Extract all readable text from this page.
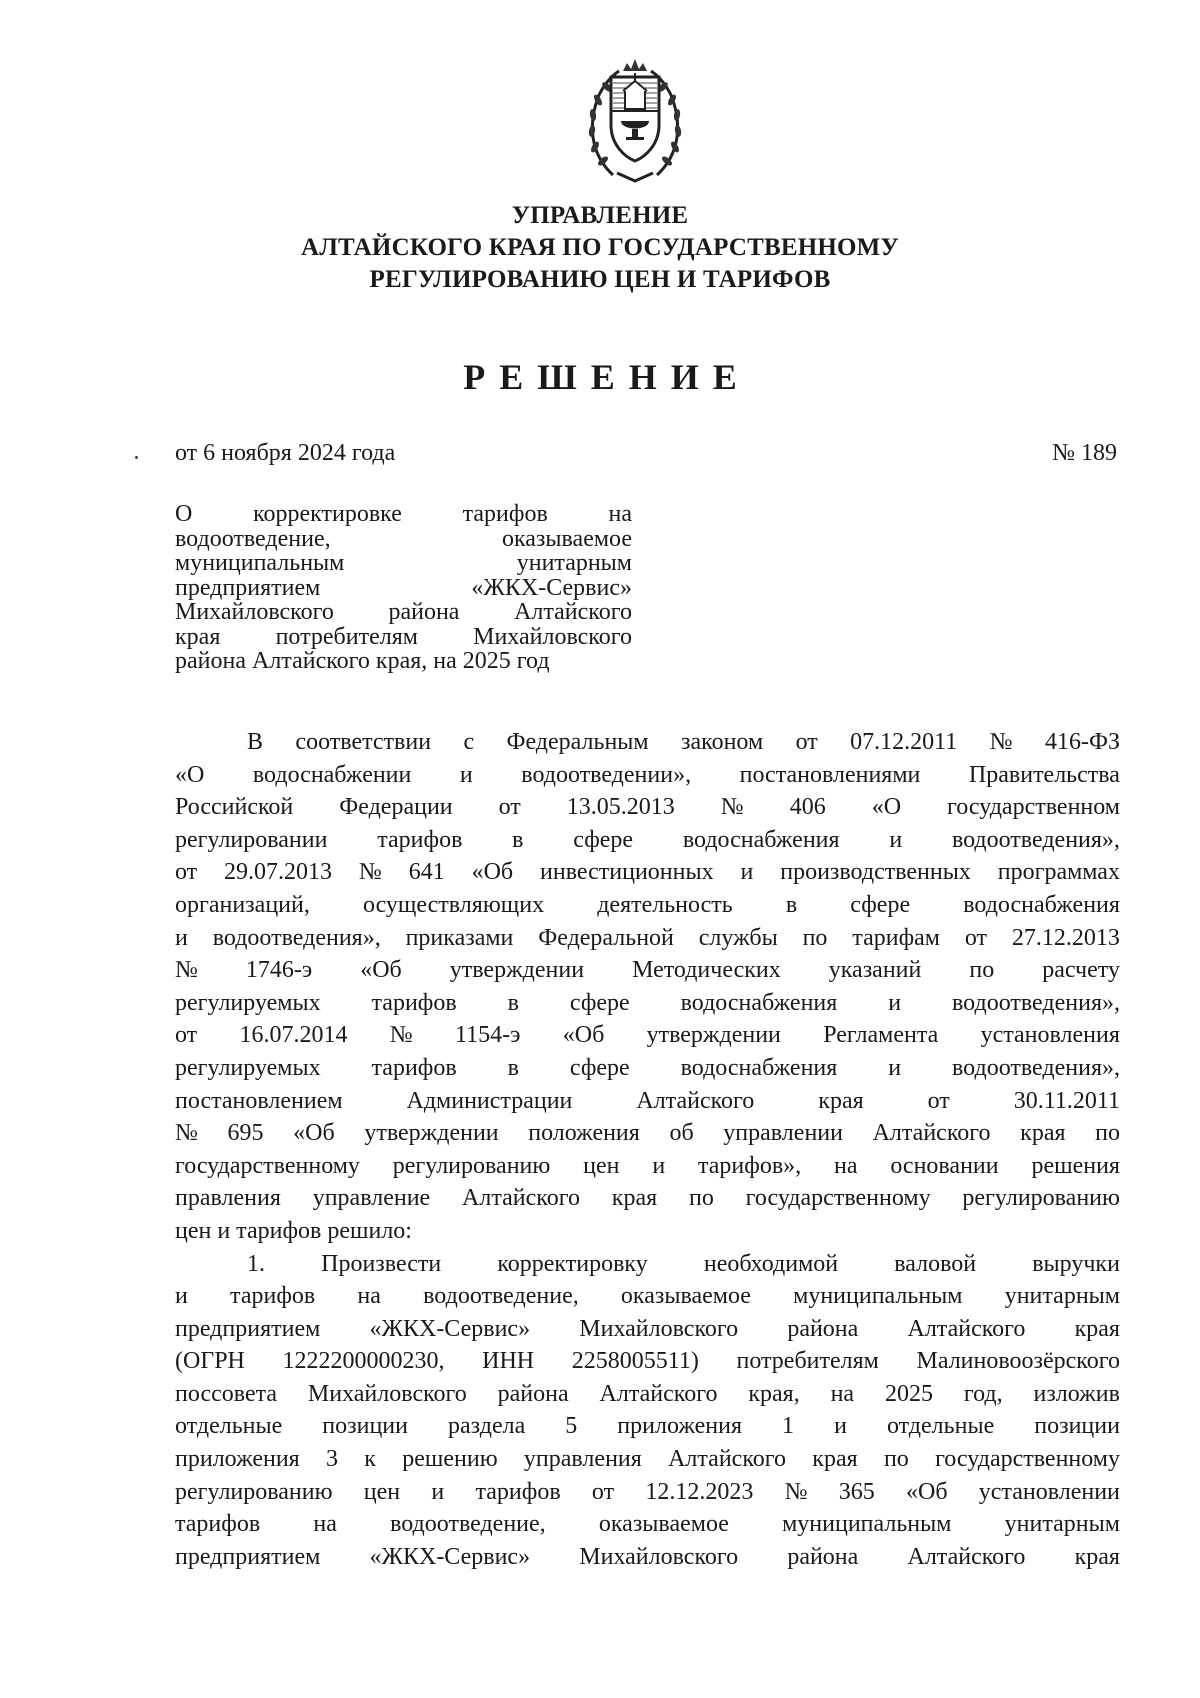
УПРАВЛЕНИЕ
АЛТАЙСКОГО КРАЯ ПО ГОСУДАРСТВЕННОМУ
РЕГУЛИРОВАНИЮ ЦЕН И ТАРИФОВ
РЕШЕНИЕ
от 6 ноября 2024 года	№ 189
О	корректировке	тарифов	на
водоотведение,	оказываемое
муниципальным	унитарным
предприятием	«ЖКХ-Сервис»
Михайловского района Алтайского
края потребителям Михайловского
района Алтайского края, на 2025 год
В соответствии с Федеральным законом от 07.12.2011 № 416-ФЗ
«О водоснабжении и водоотведении», постановлениями Правительства
Российской Федерации от 13.05.2013 № 406 «О государственном
регулировании тарифов в сфере водоснабжения и водоотведения»,
от 29.07.2013 № 641 «Об инвестиционных и производственных программах
организаций, осуществляющих деятельность в сфере водоснабжения
и водоотведения», приказами Федеральной службы по тарифам от 27.12.2013
№ 1746-э «Об утверждении Методических указаний по расчету
регулируемых тарифов в сфере водоснабжения и водоотведения»,
от 16.07.2014 № 1154-э «Об утверждении Регламента установления
регулируемых тарифов в сфере водоснабжения и водоотведения»,
постановлением	Администрации	Алтайского	края	от	30.11.2011
№ 695 «Об утверждении положения об управлении Алтайского края по
государственному регулированию цен и тарифов», на основании решения
правления управление Алтайского края по государственному регулированию
цен и тарифов решило:
1. Произвести корректировку необходимой валовой выручки
и тарифов на водоотведение, оказываемое муниципальным унитарным
предприятием «ЖКХ-Сервис» Михайловского района Алтайского края
(ОГРН 1222200000230, ИНН 2258005511) потребителям Малиновоозёрского
поссовета Михайловского района Алтайского края, на 2025 год, изложив
отдельные позиции раздела 5 приложения 1 и отдельные позиции
приложения 3 к решению управления Алтайского края по государственному
регулированию цен и тарифов от 12.12.2023 № 365 «Об установлении
тарифов на водоотведение, оказываемое муниципальным унитарным
предприятием «ЖКХ-Сервис» Михайловского района Алтайского края
